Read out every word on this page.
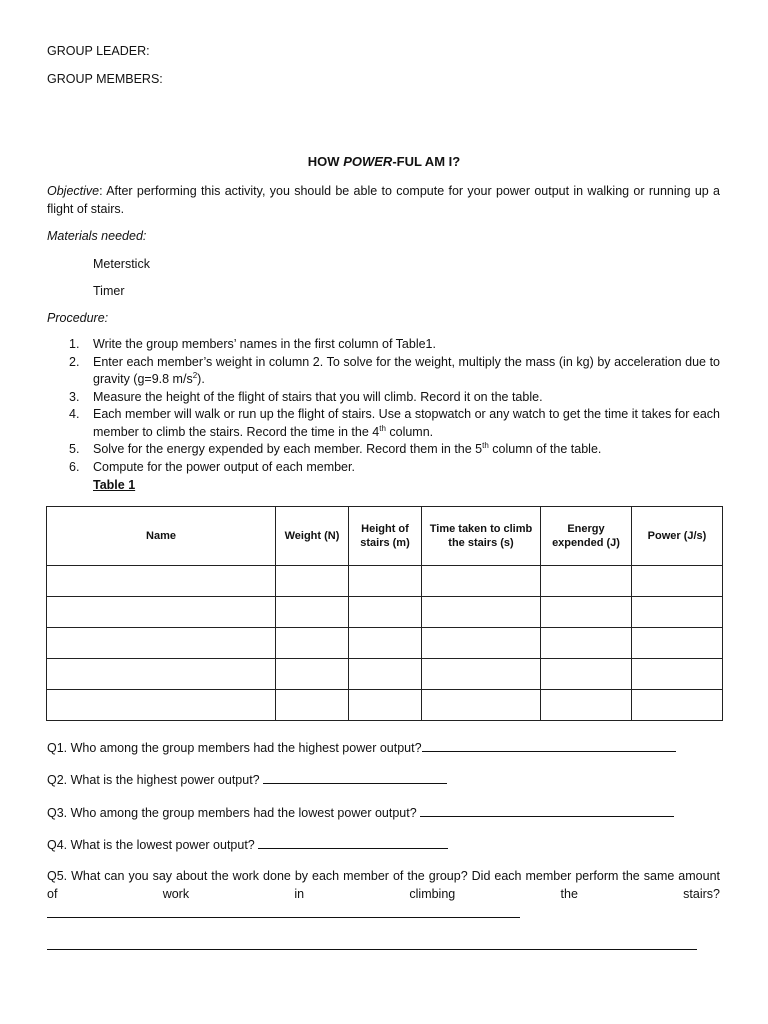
GROUP LEADER:
GROUP MEMBERS:
HOW POWER-FUL AM I?
Objective: After performing this activity, you should be able to compute for your power output in walking or running up a flight of stairs.
Materials needed:
Meterstick
Timer
Procedure:
1. Write the group members’ names in the first column of Table1.
2. Enter each member’s weight in column 2. To solve for the weight, multiply the mass (in kg) by acceleration due to gravity (g=9.8 $m/s^2$).
3. Measure the height of the flight of stairs that you will climb. Record it on the table.
4. Each member will walk or run up the flight of stairs. Use a stopwatch or any watch to get the time it takes for each member to climb the stairs. Record the time in the 4th column.
5. Solve for the energy expended by each member. Record them in the 5th column of the table.
6. Compute for the power output of each member.
Table 1
Name	Weight (N)	Height of stairs (m)	Time taken to climb the stairs (s)	Energy expended (J)	Power (J/s)

Q1. Who among the group members had the highest power output?
Q2. What is the highest power output?
Q3. Who among the group members had the lowest power output?
Q4. What is the lowest power output?
Q5. What can you say about the work done by each member of the group? Did each member perform the same amount of work in climbing the stairs?
